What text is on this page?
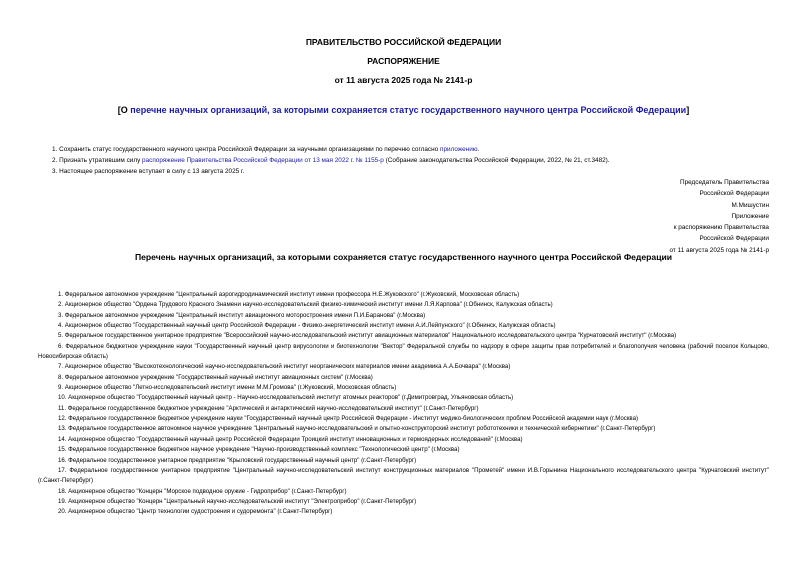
ПРАВИТЕЛЬСТВО РОССИЙСКОЙ ФЕДЕРАЦИИ
РАСПОРЯЖЕНИЕ
от 11 августа 2025 года № 2141-р
[О перечне научных организаций, за которыми сохраняется статус государственного научного центра Российской Федерации]
1. Сохранить статус государственного научного центра Российской Федерации за научными организациями по перечню согласно приложению.
2. Признать утратившим силу распоряжение Правительства Российской Федерации от 13 мая 2022 г. № 1155-р (Собрание законодательства Российской Федерации, 2022, № 21, ст.3482).
3. Настоящее распоряжение вступает в силу с 13 августа 2025 г.
Председатель Правительства
Российской Федерации
М.Мишустин
Приложение
к распоряжению Правительства
Российской Федерации
от 11 августа 2025 года № 2141-р
Перечень научных организаций, за которыми сохраняется статус государственного научного центра Российской Федерации
1. Федеральное автономное учреждение "Центральный аэрогидродинамический институт имени профессора Н.Е.Жуковского" (г.Жуковский, Московская область)
2. Акционерное общество "Ордена Трудового Красного Знамени научно-исследовательский физико-химический институт имени Л.Я.Карпова" (г.Обнинск, Калужская область)
3. Федеральное автономное учреждение "Центральный институт авиационного моторостроения имени П.И.Баранова" (г.Москва)
4. Акционерное общество "Государственный научный центр Российской Федерации - Физико-энергетический институт имени А.И.Лейпунского" (г.Обнинск, Калужская область)
5. Федеральное государственное унитарное предприятие "Всероссийский научно-исследовательский институт авиационных материалов" Национального исследовательского центра "Курчатовский институт" (г.Москва)
6. Федеральное бюджетное учреждение науки "Государственный научный центр вирусологии и биотехнологии "Вектор" Федеральной службы по надзору в сфере защиты прав потребителей и благополучия человека (рабочий поселок Кольцово, Новосибирская область)
7. Акционерное общество "Высокотехнологический научно-исследовательский институт неорганических материалов имени академика А.А.Бочвара" (г.Москва)
8. Федеральное автономное учреждение "Государственный научный институт авиационных систем" (г.Москва)
9. Акционерное общество "Летно-исследовательский институт имени М.М.Громова" (г.Жуковский, Московская область)
10. Акционерное общество "Государственный научный центр - Научно-исследовательский институт атомных реакторов" (г.Димитровград, Ульяновская область)
11. Федеральное государственное бюджетное учреждение "Арктический и антарктический научно-исследовательский институт" (г.Санкт-Петербург)
12. Федеральное государственное бюджетное учреждение науки "Государственный научный центр Российской Федерации - Институт медико-биологических проблем Российской академии наук (г.Москва)
13. Федеральное государственное автономное научное учреждение "Центральный научно-исследовательский и опытно-конструкторский институт робототехники и технической кибернетики" (г.Санкт-Петербург)
14. Акционерное общество "Государственный научный центр Российской Федерации Троицкий институт инновационных и термоядерных исследований" (г.Москва)
15. Федеральное государственное бюджетное научное учреждение "Научно-производственный комплекс "Технологический центр" (г.Москва)
16. Федеральное государственное унитарное предприятие "Крыловский государственный научный центр" (г.Санкт-Петербург)
17. Федеральное государственное унитарное предприятие "Центральный научно-исследовательский институт конструкционных материалов "Прометей" имени И.В.Горынина Национального исследовательского центра "Курчатовский институт" (г.Санкт-Петербург)
18. Акционерное общество "Концерн "Морское подводное оружие - Гидроприбор" (г.Санкт-Петербург)
19. Акционерное общество "Концерн "Центральный научно-исследовательский институт "Электроприбор" (г.Санкт-Петербург)
20. Акционерное общество "Центр технологии судостроения и судоремонта" (г.Санкт-Петербург)
